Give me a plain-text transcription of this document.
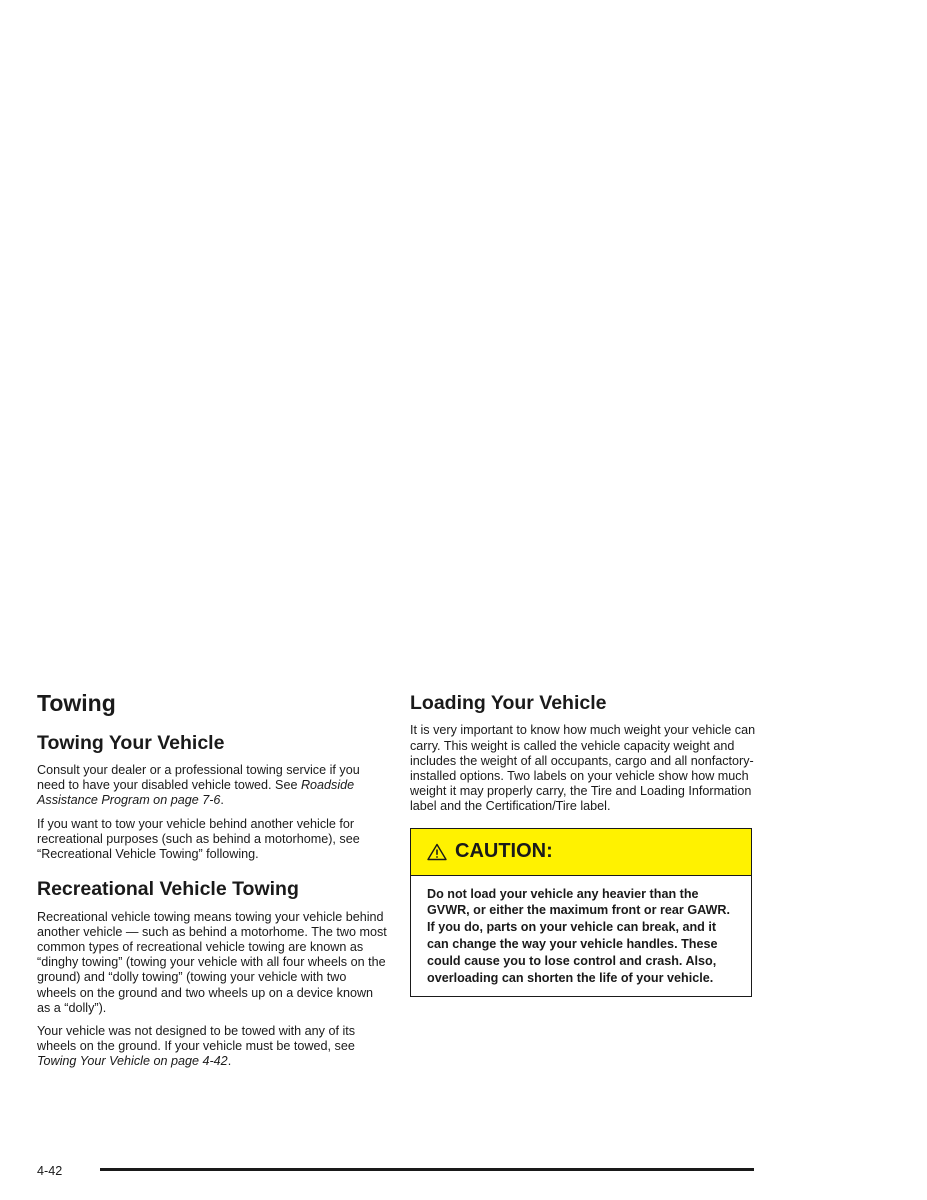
Towing
Towing Your Vehicle

Consult your dealer or a professional towing service if you need to have your disabled vehicle towed. See Roadside Assistance Program on page 7-6.

If you want to tow your vehicle behind another vehicle for recreational purposes (such as behind a motorhome), see “Recreational Vehicle Towing” following.

Recreational Vehicle Towing

Recreational vehicle towing means towing your vehicle behind another vehicle — such as behind a motorhome. The two most common types of recreational vehicle towing are known as “dinghy towing” (towing your vehicle with all four wheels on the ground) and “dolly towing” (towing your vehicle with two wheels on the ground and two wheels up on a device known as a “dolly”).

Your vehicle was not designed to be towed with any of its wheels on the ground. If your vehicle must be towed, see Towing Your Vehicle on page 4-42.

Loading Your Vehicle

It is very important to know how much weight your vehicle can carry. This weight is called the vehicle capacity weight and includes the weight of all occupants, cargo and all nonfactory-installed options. Two labels on your vehicle show how much weight it may properly carry, the Tire and Loading Information label and the Certification/Tire label.

CAUTION:
Do not load your vehicle any heavier than the GVWR, or either the maximum front or rear GAWR. If you do, parts on your vehicle can break, and it can change the way your vehicle handles. These could cause you to lose control and crash. Also, overloading can shorten the life of your vehicle.
4-42
